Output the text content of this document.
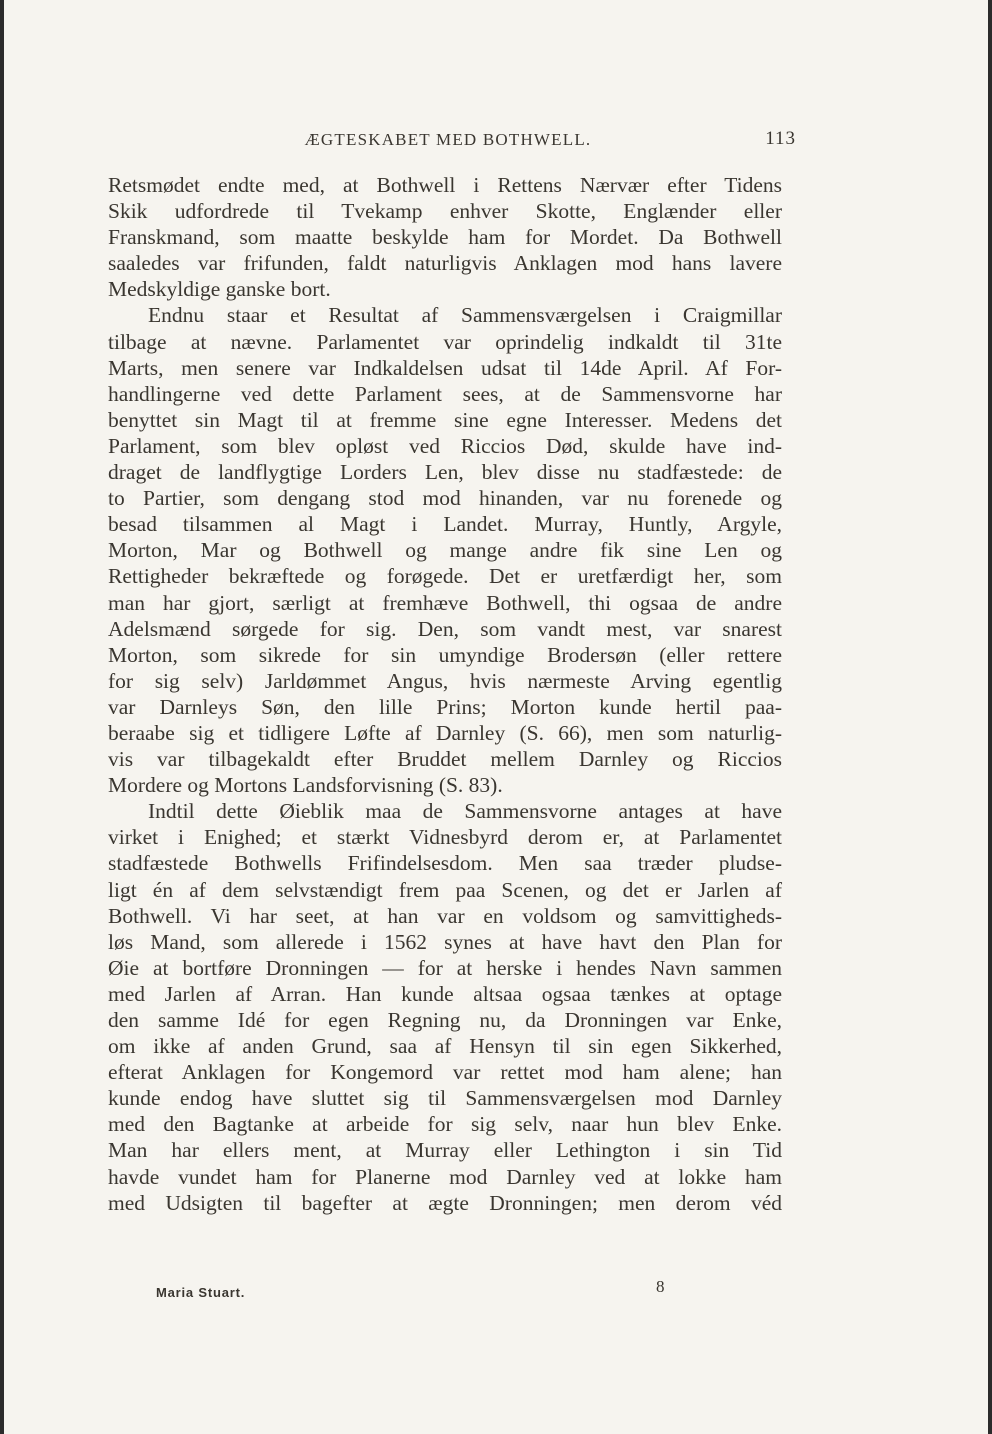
ÆGTESKABET MED BOTHWELL.	113
Retsmødet endte med, at Bothwell i Rettens Nærvær efter Tidens
Skik udfordrede til Tvekamp enhver Skotte, Englænder eller
Franskmand, som maatte beskylde ham for Mordet. Da Bothwell
saaledes var frifunden, faldt naturligvis Anklagen mod hans lavere
Medskyldige ganske bort.
Endnu staar et Resultat af Sammensværgelsen i Craigmillar
tilbage at nævne. Parlamentet var oprindelig indkaldt til 31te
Marts, men senere var Indkaldelsen udsat til 14de April. Af For-
handlingerne ved dette Parlament sees, at de Sammensvorne har
benyttet sin Magt til at fremme sine egne Interesser. Medens det
Parlament, som blev opløst ved Riccios Død, skulde have ind-
draget de landflygtige Lorders Len, blev disse nu stadfæstede: de
to Partier, som dengang stod mod hinanden, var nu forenede og
besad tilsammen al Magt i Landet. Murray, Huntly, Argyle,
Morton, Mar og Bothwell og mange andre fik sine Len og
Rettigheder bekræftede og forøgede. Det er uretfærdigt her, som
man har gjort, særligt at fremhæve Bothwell, thi ogsaa de andre
Adelsmænd sørgede for sig. Den, som vandt mest, var snarest
Morton, som sikrede for sin umyndige Brodersøn (eller rettere
for sig selv) Jarldømmet Angus, hvis nærmeste Arving egentlig
var Darnleys Søn, den lille Prins; Morton kunde hertil paa-
beraabe sig et tidligere Løfte af Darnley (S. 66), men som naturlig-
vis var tilbagekaldt efter Bruddet mellem Darnley og Riccios
Mordere og Mortons Landsforvisning (S. 83).
Indtil dette Øieblik maa de Sammensvorne antages at have
virket i Enighed; et stærkt Vidnesbyrd derom er, at Parlamentet
stadfæstede Bothwells Frifindelsesdom. Men saa træder pludse-
ligt én af dem selvstændigt frem paa Scenen, og det er Jarlen af
Bothwell. Vi har seet, at han var en voldsom og samvittigheds-
løs Mand, som allerede i 1562 synes at have havt den Plan for
Øie at bortføre Dronningen — for at herske i hendes Navn sammen
med Jarlen af Arran. Han kunde altsaa ogsaa tænkes at optage
den samme Idé for egen Regning nu, da Dronningen var Enke,
om ikke af anden Grund, saa af Hensyn til sin egen Sikkerhed,
efterat Anklagen for Kongemord var rettet mod ham alene; han
kunde endog have sluttet sig til Sammensværgelsen mod Darnley
med den Bagtanke at arbeide for sig selv, naar hun blev Enke.
Man har ellers ment, at Murray eller Lethington i sin Tid
havde vundet ham for Planerne mod Darnley ved at lokke ham
med Udsigten til bagefter at ægte Dronningen; men derom véd
Maria Stuart.	8
